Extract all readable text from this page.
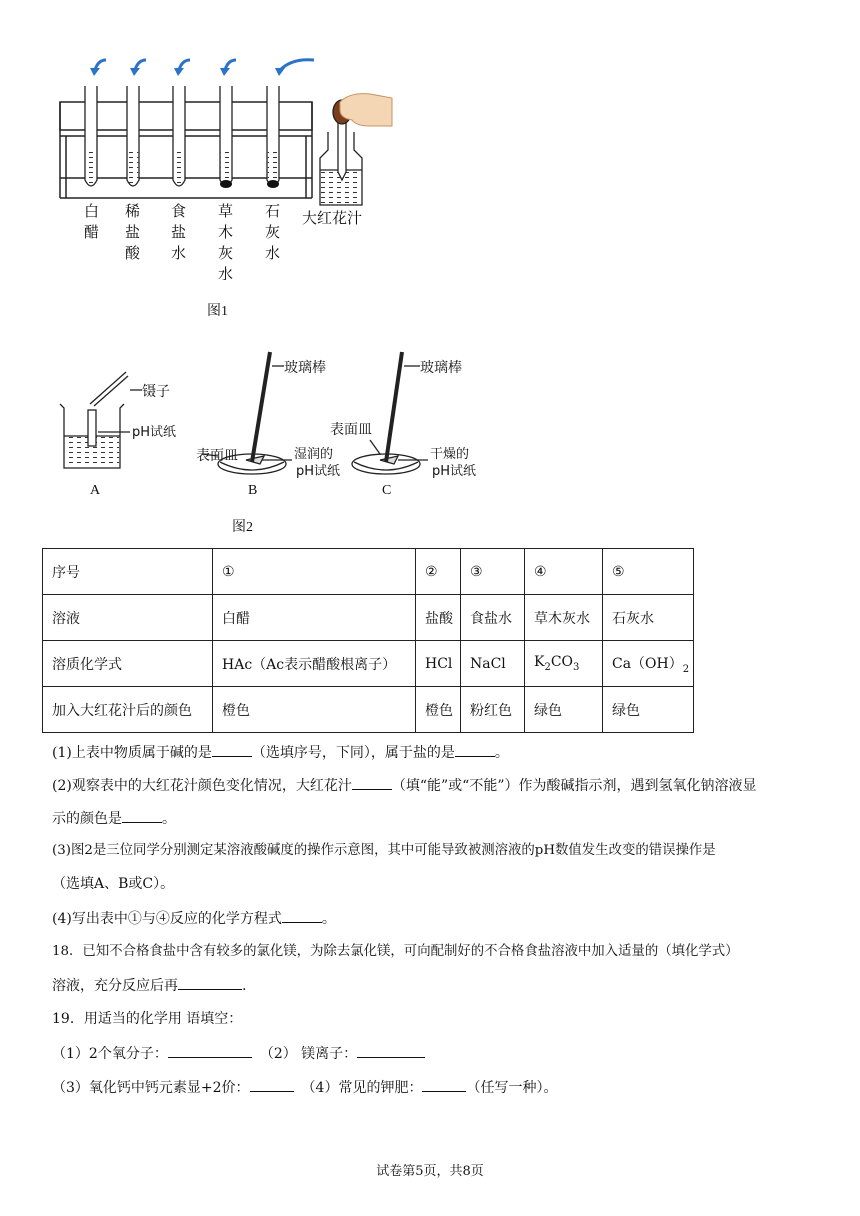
白
醋
稀
盐
酸
食
盐
水
草
木
灰
水
石
灰
水
大红花汁
图1
镊子
pH试纸
A
玻璃棒
表面皿	湿润的
pH试纸
B
玻璃棒
表面皿
干燥的
pH试纸
C
图2
序号	①	②	③	④	⑤
溶液	白醋	盐酸	食盐水	草木灰水	石灰水
溶质化学式	HAc（Ac表示醋酸根离子）	HCl	NaCl	$K_2CO_3$	$Ca(OH)_2$
加入大红花汁后的颜色	橙色	橙色	粉红色	绿色	绿色
(1)上表中物质属于碱的是	（选填序号，下同），属于盐的是	。
(2)观察表中的大红花汁颜色变化情况，大红花汁	（填“能”或“不能”）作为酸碱指示剂，遇到氢氧化钠溶液显
示的颜色是	。
(3)图2是三位同学分别测定某溶液酸碱度的操作示意图，其中可能导致被测溶液的pH数值发生改变的错误操作是
（选填A、B或C）。
(4)写出表中①与④反应的化学方程式	。
18．已知不合格食盐中含有较多的氯化镁，为除去氯化镁，可向配制好的不合格食盐溶液中加入适量的（填化学式）
溶液，充分反应后再	.
19．用适当的化学用 语填空：
（1）2个氧分子：	（2） 镁离子：
（3）氧化钙中钙元素显+2价：	（4）常见的钾肥：	（任写一种）。
试卷第5页，共8页
